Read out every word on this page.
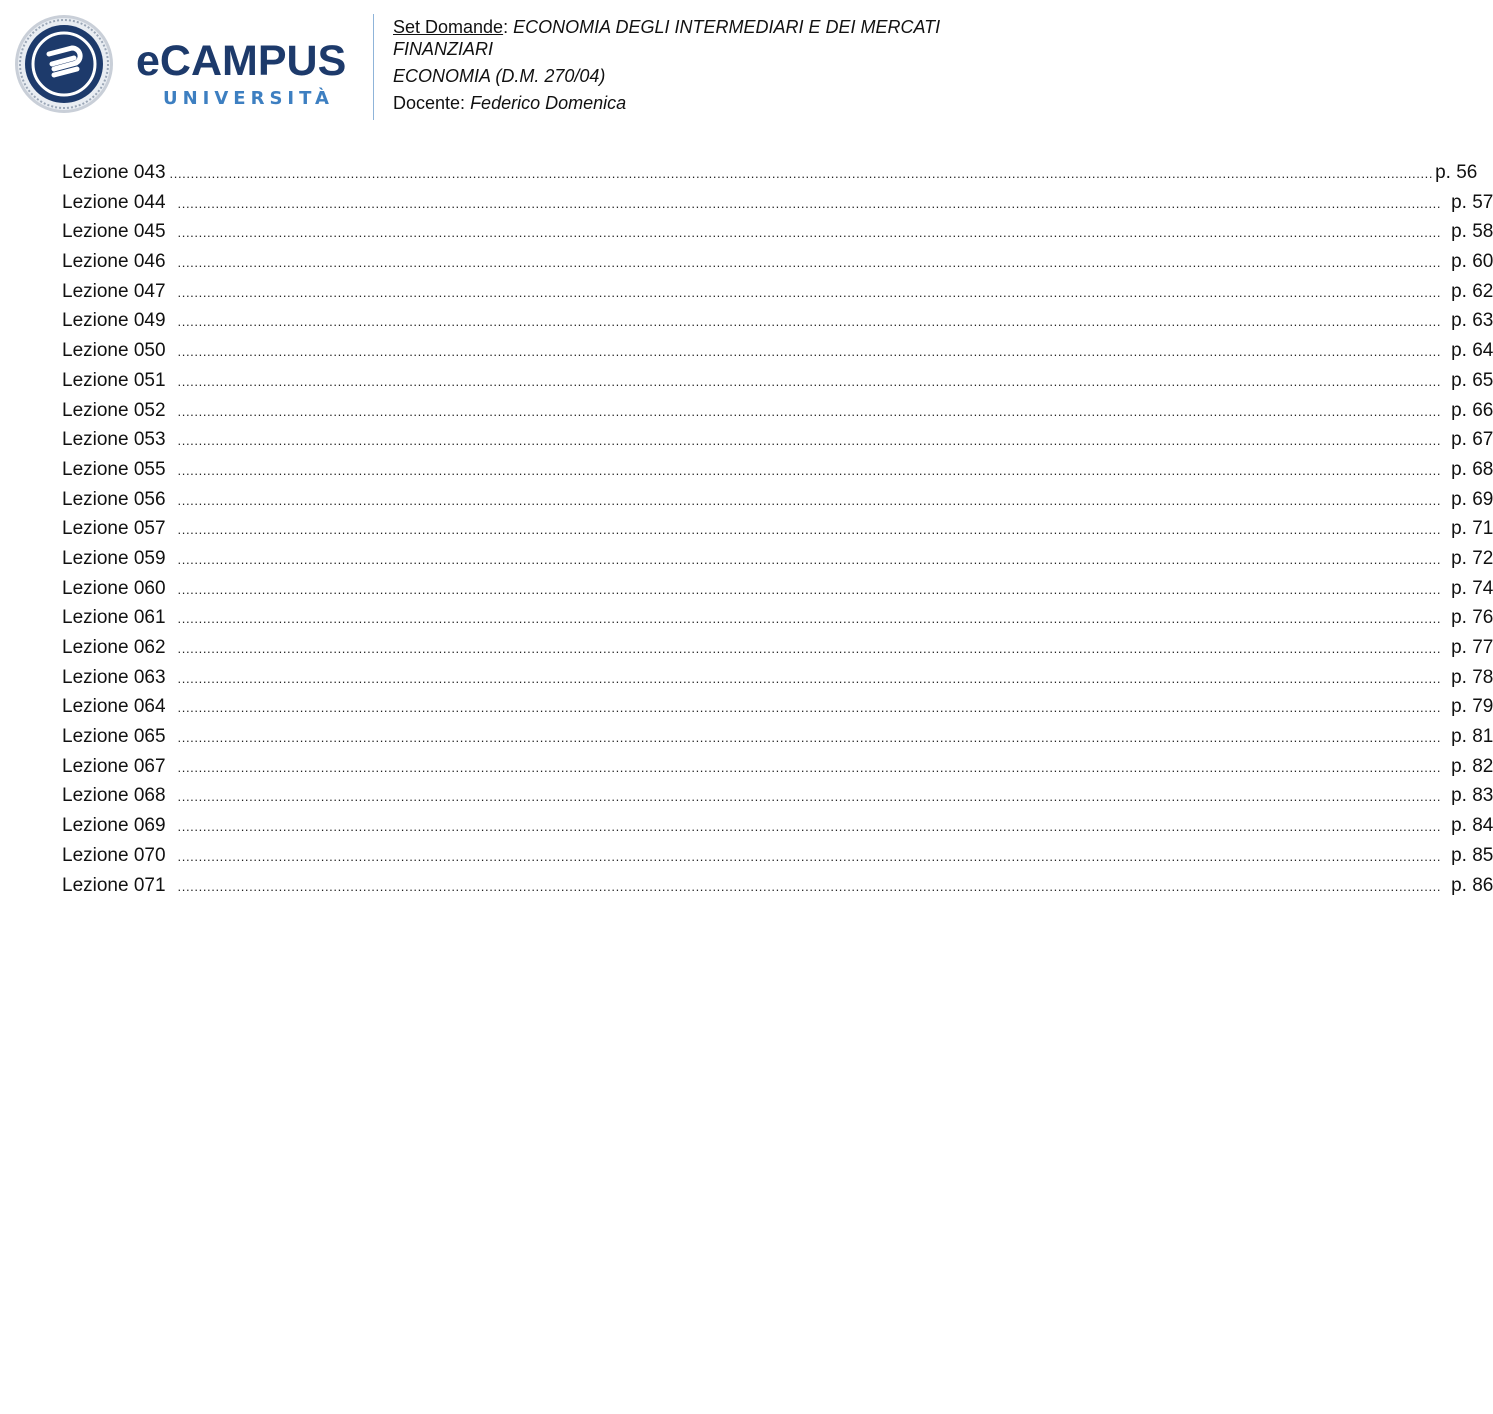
eCAMPUS
UNIVERSITÀ
Set Domande: ECONOMIA DEGLI INTERMEDIARI E DEI MERCATI
FINANZIARI
ECONOMIA (D.M. 270/04)
Docente: Federico Domenica
Lezione 043 ............................................................................................................................................................................................................................................................................................................ p. 56
Lezione 044 ............................................................................................................................................................................................................................................................................................................ p. 57
Lezione 045 ............................................................................................................................................................................................................................................................................................................ p. 58
Lezione 046 ............................................................................................................................................................................................................................................................................................................ p. 60
Lezione 047 ............................................................................................................................................................................................................................................................................................................ p. 62
Lezione 049 ............................................................................................................................................................................................................................................................................................................ p. 63
Lezione 050 ............................................................................................................................................................................................................................................................................................................ p. 64
Lezione 051 ............................................................................................................................................................................................................................................................................................................ p. 65
Lezione 052 ............................................................................................................................................................................................................................................................................................................ p. 66
Lezione 053 ............................................................................................................................................................................................................................................................................................................ p. 67
Lezione 055 ............................................................................................................................................................................................................................................................................................................ p. 68
Lezione 056 ............................................................................................................................................................................................................................................................................................................ p. 69
Lezione 057 ............................................................................................................................................................................................................................................................................................................ p. 71
Lezione 059 ............................................................................................................................................................................................................................................................................................................ p. 72
Lezione 060 ............................................................................................................................................................................................................................................................................................................ p. 74
Lezione 061 ............................................................................................................................................................................................................................................................................................................ p. 76
Lezione 062 ............................................................................................................................................................................................................................................................................................................ p. 77
Lezione 063 ............................................................................................................................................................................................................................................................................................................ p. 78
Lezione 064 ............................................................................................................................................................................................................................................................................................................ p. 79
Lezione 065 ............................................................................................................................................................................................................................................................................................................ p. 81
Lezione 067 ............................................................................................................................................................................................................................................................................................................ p. 82
Lezione 068 ............................................................................................................................................................................................................................................................................................................ p. 83
Lezione 069 ............................................................................................................................................................................................................................................................................................................ p. 84
Lezione 070 ............................................................................................................................................................................................................................................................................................................ p. 85
Lezione 071 ............................................................................................................................................................................................................................................................................................................ p. 86
